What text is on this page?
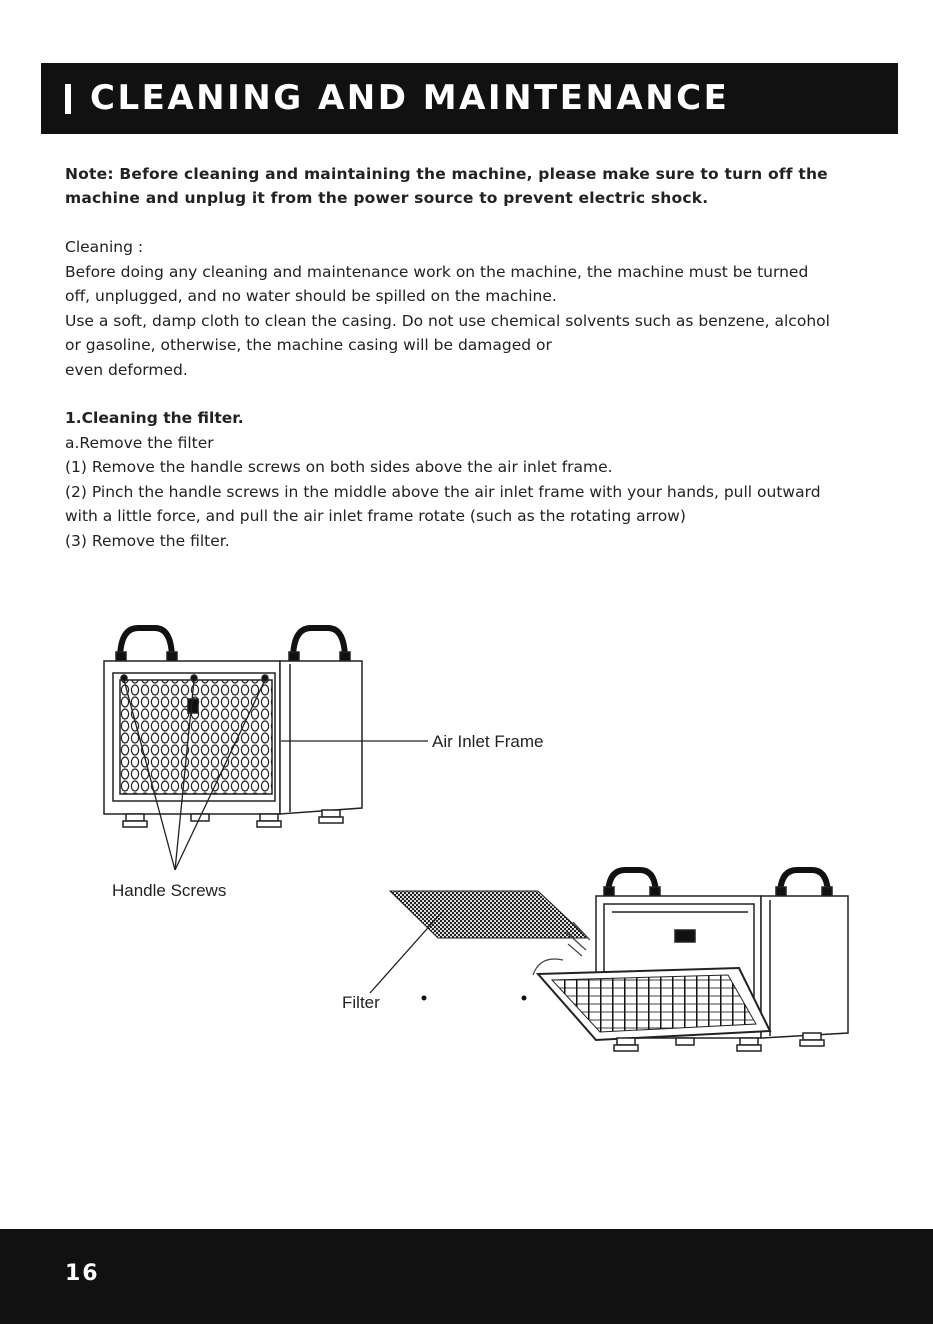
CLEANING AND MAINTENANCE
Note: Before cleaning and maintaining the machine, please make sure to turn off the
machine and unplug it from the power source to prevent electric shock.
Cleaning :
Before doing any cleaning and maintenance work on the machine, the machine must be turned
off, unplugged, and no water should be spilled on the machine.
Use a soft, damp cloth to clean the casing. Do not use chemical solvents such as benzene, alcohol
or gasoline, otherwise, the machine casing will be damaged or
even deformed.
1.Cleaning the filter.
a.Remove the filter
(1) Remove the handle screws on both sides above the air inlet frame.
(2) Pinch the handle screws in the middle above the air inlet frame with your hands, pull outward
with a little force, and pull the air inlet frame rotate (such as the rotating arrow)
(3) Remove the filter.
Air Inlet Frame
Handle Screws
Filter
16
